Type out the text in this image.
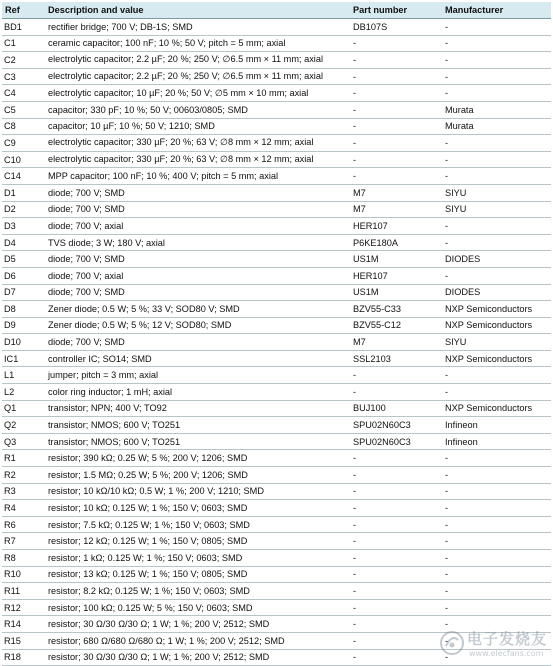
Ref	Description and value	Part number	Manufacturer
BD1	rectifier bridge; 700 V; DB-1S; SMD	DB107S	-
C1	ceramic capacitor; 100 nF; 10 %; 50 V; pitch = 5 mm; axial	-	-
C2	electrolytic capacitor; 2.2 µF; 20 %; 250 V; ∅6.5 mm × 11 mm; axial	-	-
C3	electrolytic capacitor; 2.2 µF; 20 %; 250 V; ∅6.5 mm × 11 mm; axial	-	-
C4	electrolytic capacitor; 10 µF; 20 %; 50 V; ∅5 mm × 10 mm; axial	-	-
C5	capacitor; 330 pF; 10 %; 50 V; 00603/0805; SMD	-	Murata
C8	capacitor; 10 µF; 10 %; 50 V; 1210; SMD	-	Murata
C9	electrolytic capacitor; 330 µF; 20 %; 63 V; ∅8 mm × 12 mm; axial	-	-
C10	electrolytic capacitor; 330 µF; 20 %; 63 V; ∅8 mm × 12 mm; axial	-	-
C14	MPP capacitor; 100 nF; 10 %; 400 V; pitch = 5 mm; axial	-	-
D1	diode; 700 V; SMD	M7	SIYU
D2	diode; 700 V; SMD	M7	SIYU
D3	diode; 700 V; axial	HER107	-
D4	TVS diode; 3 W; 180 V; axial	P6KE180A	-
D5	diode; 700 V; SMD	US1M	DIODES
D6	diode; 700 V; axial	HER107	-
D7	diode; 700 V; SMD	US1M	DIODES
D8	Zener diode; 0.5 W; 5 %; 33 V; SOD80 V; SMD	BZV55-C33	NXP Semiconductors
D9	Zener diode; 0.5 W; 5 %; 12 V; SOD80; SMD	BZV55-C12	NXP Semiconductors
D10	diode; 700 V; SMD	M7	SIYU
IC1	controller IC; SO14; SMD	SSL2103	NXP Semiconductors
L1	jumper; pitch = 3 mm; axial	-	-
L2	color ring inductor; 1 mH; axial	-	-
Q1	transistor; NPN; 400 V; TO92	BUJ100	NXP Semiconductors
Q2	transistor; NMOS; 600 V; TO251	SPU02N60C3	Infineon
Q3	transistor; NMOS; 600 V; TO251	SPU02N60C3	Infineon
R1	resistor; 390 kΩ; 0.25 W; 5 %; 200 V; 1206; SMD	-	-
R2	resistor; 1.5 MΩ; 0.25 W; 5 %; 200 V; 1206; SMD	-	-
R3	resistor; 10 kΩ/10 kΩ; 0.5 W; 1 %; 200 V; 1210; SMD	-	-
R4	resistor; 10 kΩ; 0.125 W; 1 %; 150 V; 0603; SMD	-	-
R6	resistor; 7.5 kΩ; 0.125 W; 1 %; 150 V; 0603; SMD	-	-
R7	resistor; 12 kΩ; 0.125 W; 1 %; 150 V; 0805; SMD	-	-
R8	resistor; 1 kΩ; 0.125 W; 1 %; 150 V; 0603; SMD	-	-
R10	resistor; 13 kΩ; 0.125 W; 1 %; 150 V; 0805; SMD	-	-
R11	resistor; 8.2 kΩ; 0.125 W; 1 %; 150 V; 0603; SMD	-	-
R12	resistor; 100 kΩ; 0.125 W; 5 %; 150 V; 0603; SMD	-	-
R14	resistor; 30 Ω/30 Ω/30 Ω; 1 W; 1 %; 200 V; 2512; SMD	-	-
R15	resistor; 680 Ω/680 Ω/680 Ω; 1 W; 1 %; 200 V; 2512; SMD	-	-
R18	resistor; 30 Ω/30 Ω/30 Ω; 1 W; 1 %; 200 V; 2512; SMD	-	-
电子发烧友
www.elecfans.com
